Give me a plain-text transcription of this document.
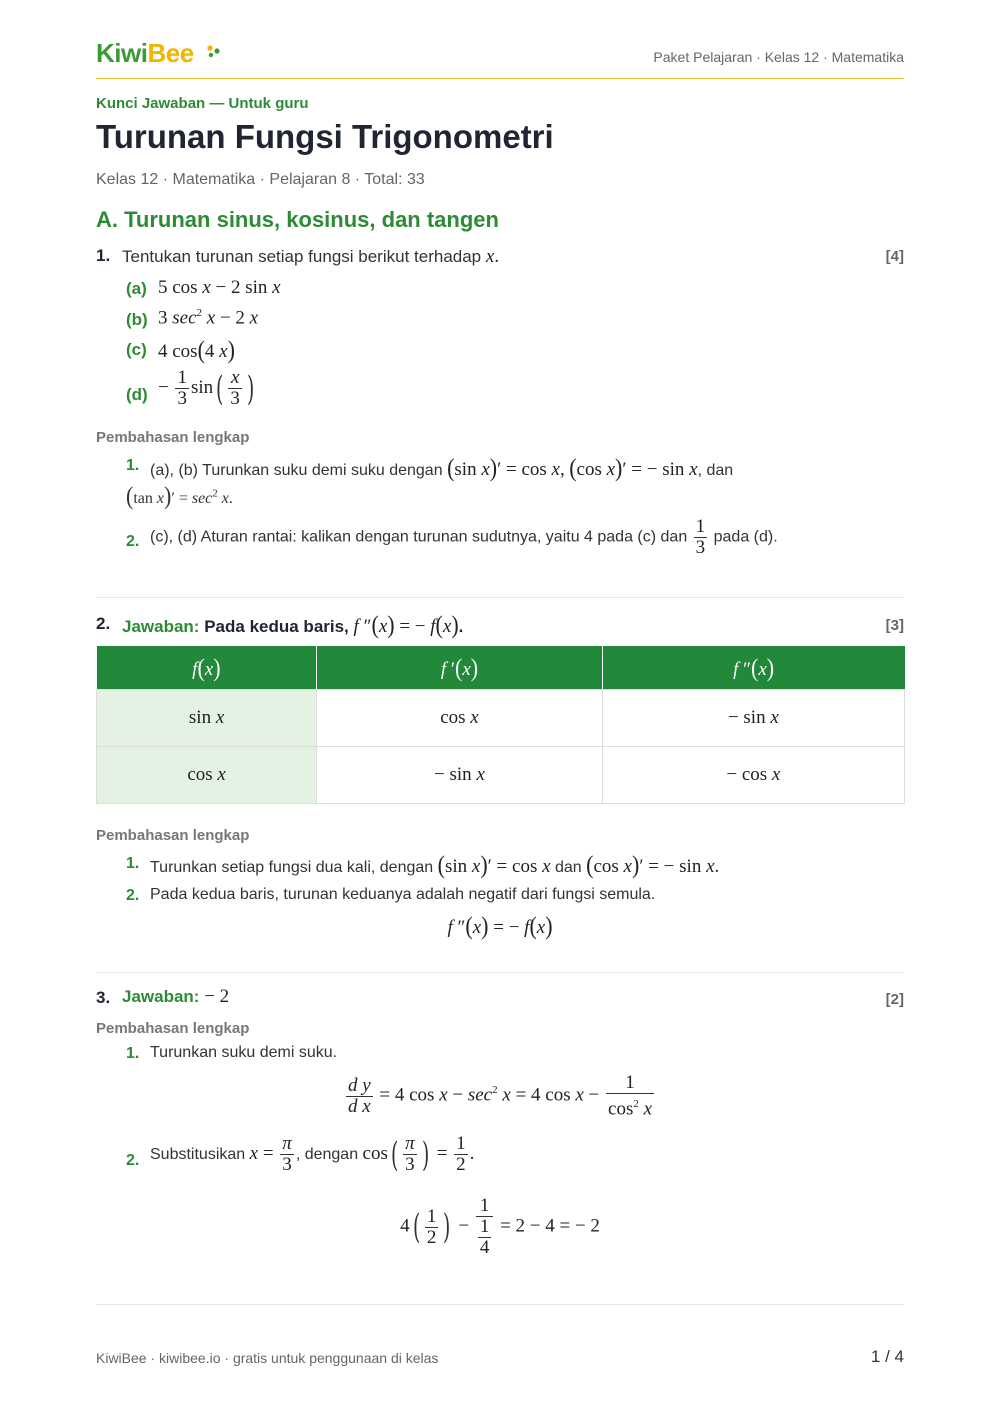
KiwiBee	Paket Pelajaran · Kelas 12 · Matematika
Kunci Jawaban — Untuk guru
Turunan Fungsi Trigonometri
Kelas 12 · Matematika · Pelajaran 8 · Total: 33
A. Turunan sinus, kosinus, dan tangen
1. Tentukan turunan setiap fungsi berikut terhadap x.	[4]
(a) 5 cos x − 2 sin x
(b) 3 $\sec^2 x - 2$ x
(c) 4 cos(4 x)
$(d) - \frac{1}{3} \sin( \frac{x}{3}$ )
Pembahasan lengkap
1. (a), (b) Turunkan suku demi suku dengan (sin x)′ = cos x, (cos x)′ = − sin x, dan
(tan $x)' = \sec^2 x$.
2. (c), (d) Aturan rantai: kalikan dengan turunan sudutnya, yaitu 4 pada (c) dan $\frac{1}{3}$ pada (d).
2. Jawaban: Pada kedua baris, f ″(x) = − f(x).	[3]
f(x)	f ′(x)	f ″(x)
sin x	cos x	− sin x
cos x	− sin x	− cos x
Pembahasan lengkap
1. Turunkan setiap fungsi dua kali, dengan (sin x)′ = cos x dan (cos x)′ = − sin x.
2. Pada kedua baris, turunan keduanya adalah negatif dari fungsi semula.
f ″(x) = − f(x)
3. Jawaban: − 2	[2]
Pembahasan lengkap
1. Turunkan suku demi suku.
$\frac{\text{d y}}{\text{d x}} = 4$ $\cos x - \sec^2 x = 4$ $\cos x - \frac{1}{\cos^2 x}$
2. Substitusikan $x = \frac{\pi}{3}$ , dengan $\cos( \frac{\pi}{3}$ ) = $\frac{1}{2}$ .
$4( \frac{1}{2}$ ) − $\frac{1}{\frac{1}{4}} = 2 - 4$ = − 2
KiwiBee · kiwibee.io · gratis untuk penggunaan di kelas	1 / 4
